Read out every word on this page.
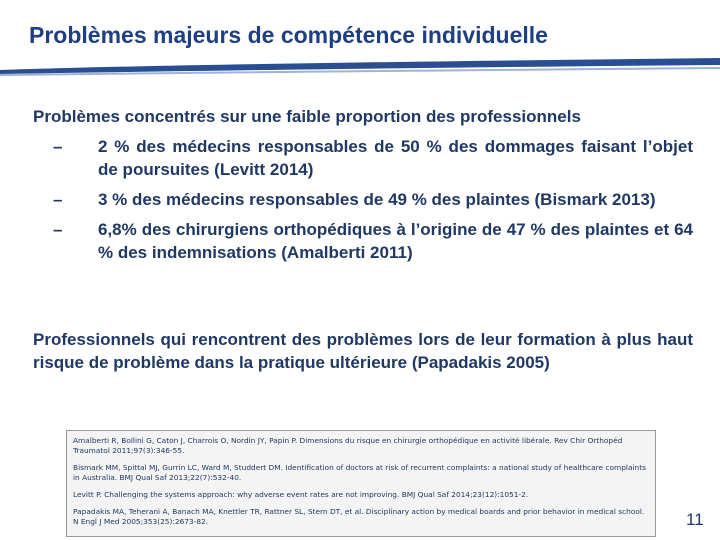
Problèmes majeurs de compétence individuelle
Problèmes concentrés sur une faible proportion des professionnels
–	2 % des médecins responsables de 50 % des dommages faisant l’objet de poursuites (Levitt 2014)
–	3 % des médecins responsables de 49 % des plaintes (Bismark 2013)
–	6,8% des chirurgiens orthopédiques à l’origine de 47 % des plaintes et 64 % des indemnisations (Amalberti 2011)
Professionnels qui rencontrent des problèmes lors de leur formation à plus haut risque de problème dans la pratique ultérieure (Papadakis 2005)
Amalberti R, Bollini G, Caton J, Charrois O, Nordin JY, Papin P. Dimensions du risque en chirurgie orthopédique en activité libérale. Rev Chir Orthopéd Traumatol 2011;97(3):346-55.
Bismark MM, Spittal MJ, Gurrin LC, Ward M, Studdert DM. Identification of doctors at risk of recurrent complaints: a national study of healthcare complaints in Australia. BMJ Qual Saf 2013;22(7):532-40.
Levitt P. Challenging the systems approach: why adverse event rates are not improving. BMJ Qual Saf 2014;23(12):1051-2.
Papadakis MA, Teherani A, Banach MA, Knettler TR, Rattner SL, Stern DT, et al. Disciplinary action by medical boards and prior behavior in medical school. N Engl J Med 2005;353(25):2673-82.	11
